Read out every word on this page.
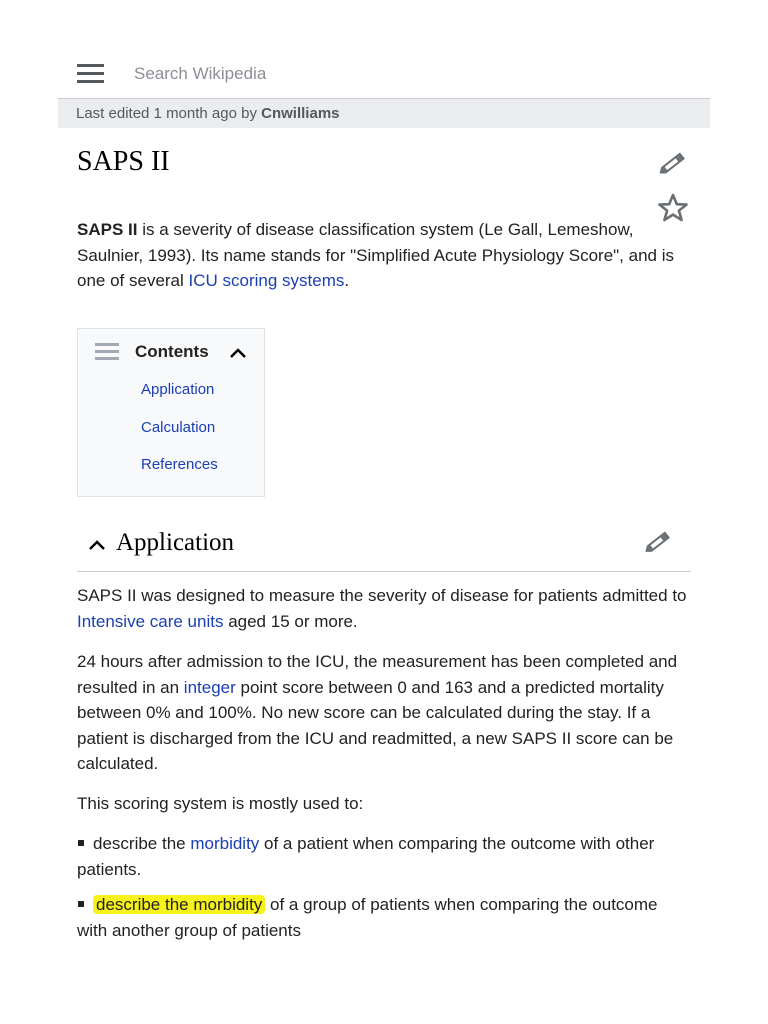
Search Wikipedia
Last edited 1 month ago by Cnwilliams
SAPS II

SAPS II is a severity of disease classification system (Le Gall, Lemeshow, Saulnier, 1993). Its name stands for "Simplified Acute Physiology Score", and is one of several ICU scoring systems.

Contents
Application
Calculation
References
Application

SAPS II was designed to measure the severity of disease for patients admitted to Intensive care units aged 15 or more.

24 hours after admission to the ICU, the measurement has been completed and resulted in an integer point score between 0 and 163 and a predicted mortality between 0% and 100%. No new score can be calculated during the stay. If a patient is discharged from the ICU and readmitted, a new SAPS II score can be calculated.

This scoring system is mostly used to:

describe the morbidity of a patient when comparing the outcome with other patients.
describe the morbidity of a group of patients when comparing the outcome with another group of patients
